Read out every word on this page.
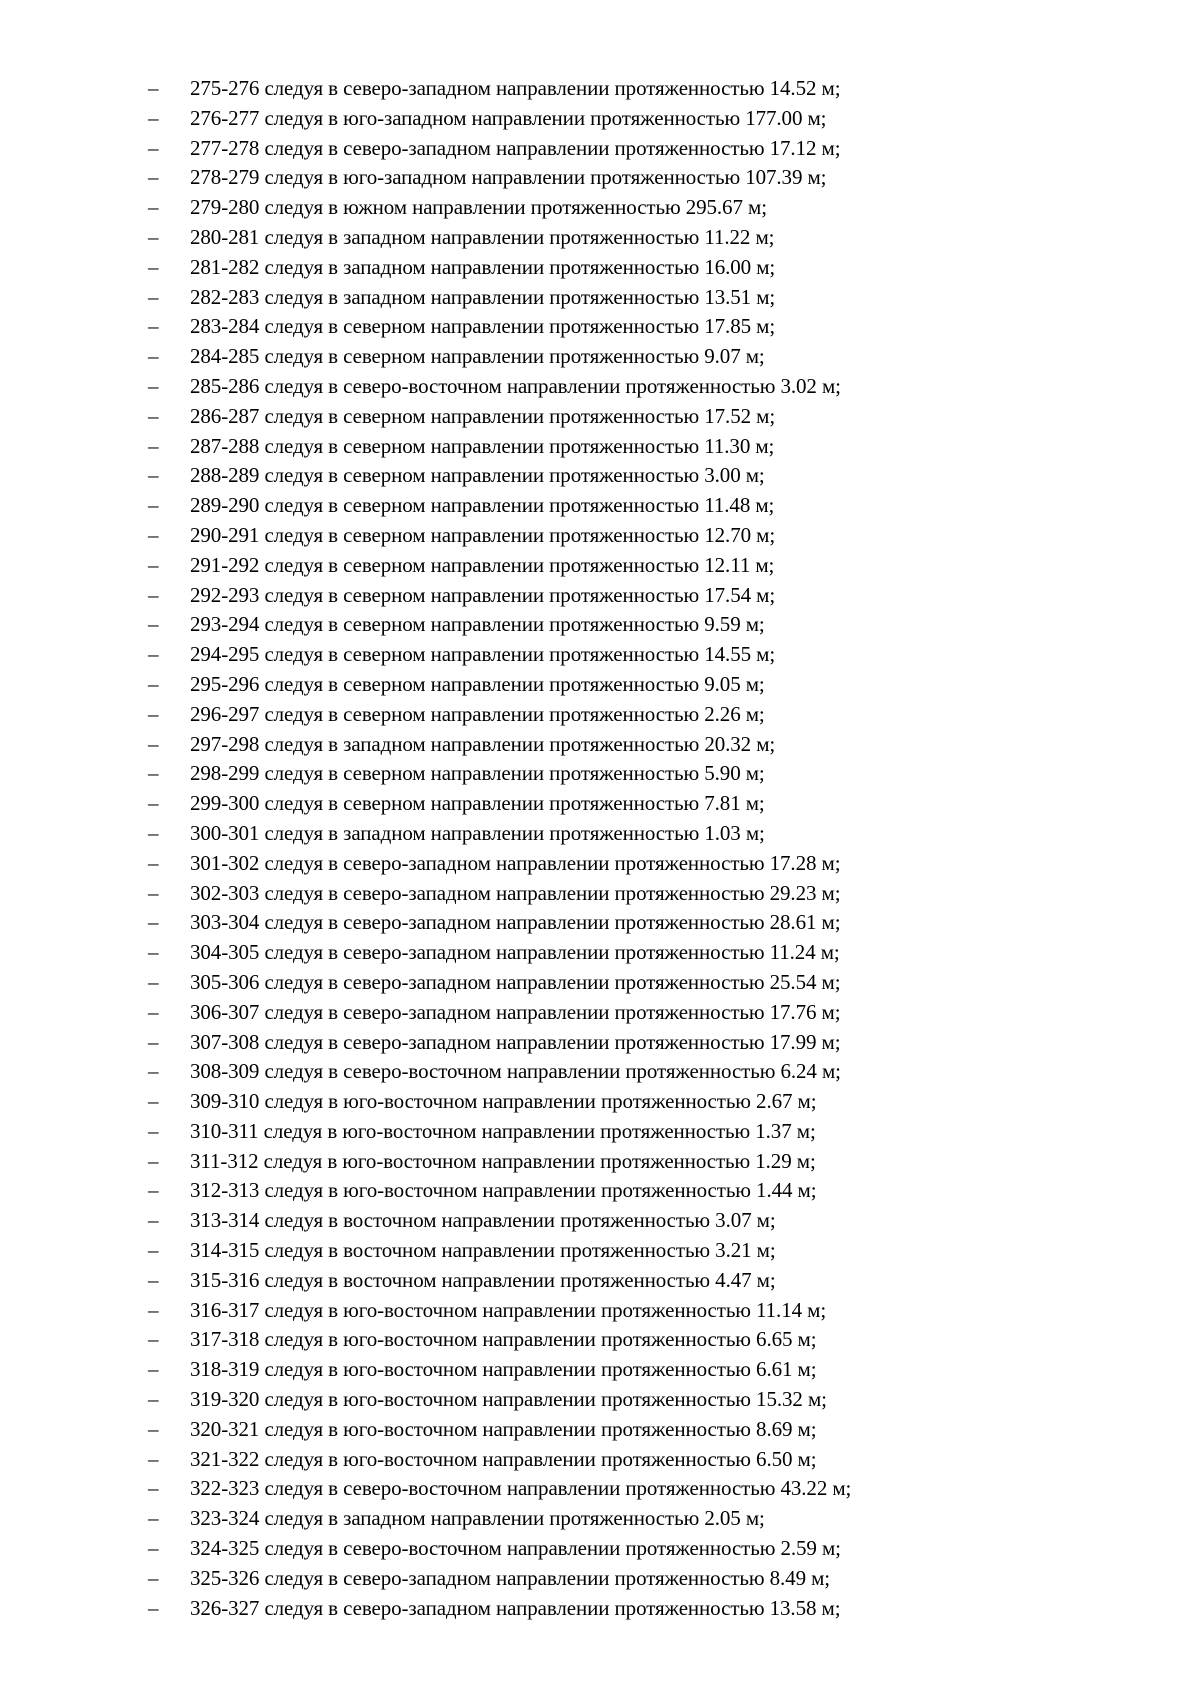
–	275-276 следуя в северо-западном направлении протяженностью 14.52 м;
–	276-277 следуя в юго-западном направлении протяженностью 177.00 м;
–	277-278 следуя в северо-западном направлении протяженностью 17.12 м;
–	278-279 следуя в юго-западном направлении протяженностью 107.39 м;
–	279-280 следуя в южном направлении протяженностью 295.67 м;
–	280-281 следуя в западном направлении протяженностью 11.22 м;
–	281-282 следуя в западном направлении протяженностью 16.00 м;
–	282-283 следуя в западном направлении протяженностью 13.51 м;
–	283-284 следуя в северном направлении протяженностью 17.85 м;
–	284-285 следуя в северном направлении протяженностью 9.07 м;
–	285-286 следуя в северо-восточном направлении протяженностью 3.02 м;
–	286-287 следуя в северном направлении протяженностью 17.52 м;
–	287-288 следуя в северном направлении протяженностью 11.30 м;
–	288-289 следуя в северном направлении протяженностью 3.00 м;
–	289-290 следуя в северном направлении протяженностью 11.48 м;
–	290-291 следуя в северном направлении протяженностью 12.70 м;
–	291-292 следуя в северном направлении протяженностью 12.11 м;
–	292-293 следуя в северном направлении протяженностью 17.54 м;
–	293-294 следуя в северном направлении протяженностью 9.59 м;
–	294-295 следуя в северном направлении протяженностью 14.55 м;
–	295-296 следуя в северном направлении протяженностью 9.05 м;
–	296-297 следуя в северном направлении протяженностью 2.26 м;
–	297-298 следуя в западном направлении протяженностью 20.32 м;
–	298-299 следуя в северном направлении протяженностью 5.90 м;
–	299-300 следуя в северном направлении протяженностью 7.81 м;
–	300-301 следуя в западном направлении протяженностью 1.03 м;
–	301-302 следуя в северо-западном направлении протяженностью 17.28 м;
–	302-303 следуя в северо-западном направлении протяженностью 29.23 м;
–	303-304 следуя в северо-западном направлении протяженностью 28.61 м;
–	304-305 следуя в северо-западном направлении протяженностью 11.24 м;
–	305-306 следуя в северо-западном направлении протяженностью 25.54 м;
–	306-307 следуя в северо-западном направлении протяженностью 17.76 м;
–	307-308 следуя в северо-западном направлении протяженностью 17.99 м;
–	308-309 следуя в северо-восточном направлении протяженностью 6.24 м;
–	309-310 следуя в юго-восточном направлении протяженностью 2.67 м;
–	310-311 следуя в юго-восточном направлении протяженностью 1.37 м;
–	311-312 следуя в юго-восточном направлении протяженностью 1.29 м;
–	312-313 следуя в юго-восточном направлении протяженностью 1.44 м;
–	313-314 следуя в восточном направлении протяженностью 3.07 м;
–	314-315 следуя в восточном направлении протяженностью 3.21 м;
–	315-316 следуя в восточном направлении протяженностью 4.47 м;
–	316-317 следуя в юго-восточном направлении протяженностью 11.14 м;
–	317-318 следуя в юго-восточном направлении протяженностью 6.65 м;
–	318-319 следуя в юго-восточном направлении протяженностью 6.61 м;
–	319-320 следуя в юго-восточном направлении протяженностью 15.32 м;
–	320-321 следуя в юго-восточном направлении протяженностью 8.69 м;
–	321-322 следуя в юго-восточном направлении протяженностью 6.50 м;
–	322-323 следуя в северо-восточном направлении протяженностью 43.22 м;
–	323-324 следуя в западном направлении протяженностью 2.05 м;
–	324-325 следуя в северо-восточном направлении протяженностью 2.59 м;
–	325-326 следуя в северо-западном направлении протяженностью 8.49 м;
–	326-327 следуя в северо-западном направлении протяженностью 13.58 м;
